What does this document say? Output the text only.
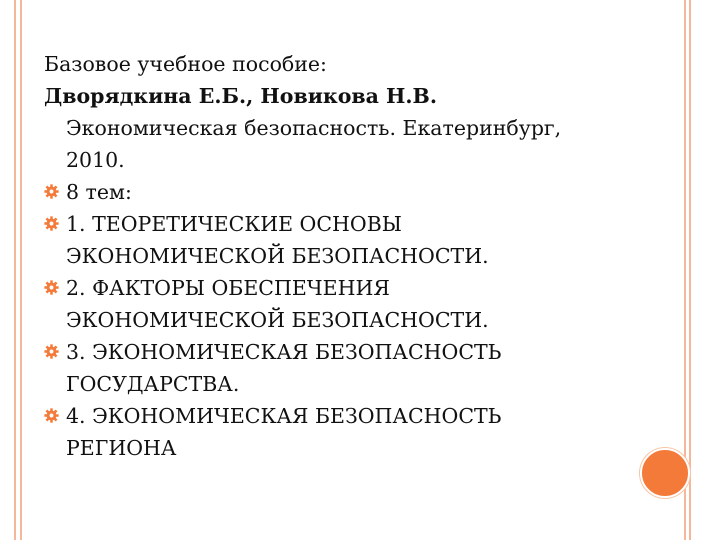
Базовое учебное пособие:

Дворядкина Е.Б., Новикова Н.В.

Экономическая безопасность. Екатеринбург,

2010.

8 тем:
1. ТЕОРЕТИЧЕСКИЕ ОСНОВЫ
ЭКОНОМИЧЕСКОЙ БЕЗОПАСНОСТИ.
2. ФАКТОРЫ ОБЕСПЕЧЕНИЯ
ЭКОНОМИЧЕСКОЙ БЕЗОПАСНОСТИ.
3. ЭКОНОМИЧЕСКАЯ БЕЗОПАСНОСТЬ
ГОСУДАРСТВА.
4. ЭКОНОМИЧЕСКАЯ БЕЗОПАСНОСТЬ
РЕГИОНА
